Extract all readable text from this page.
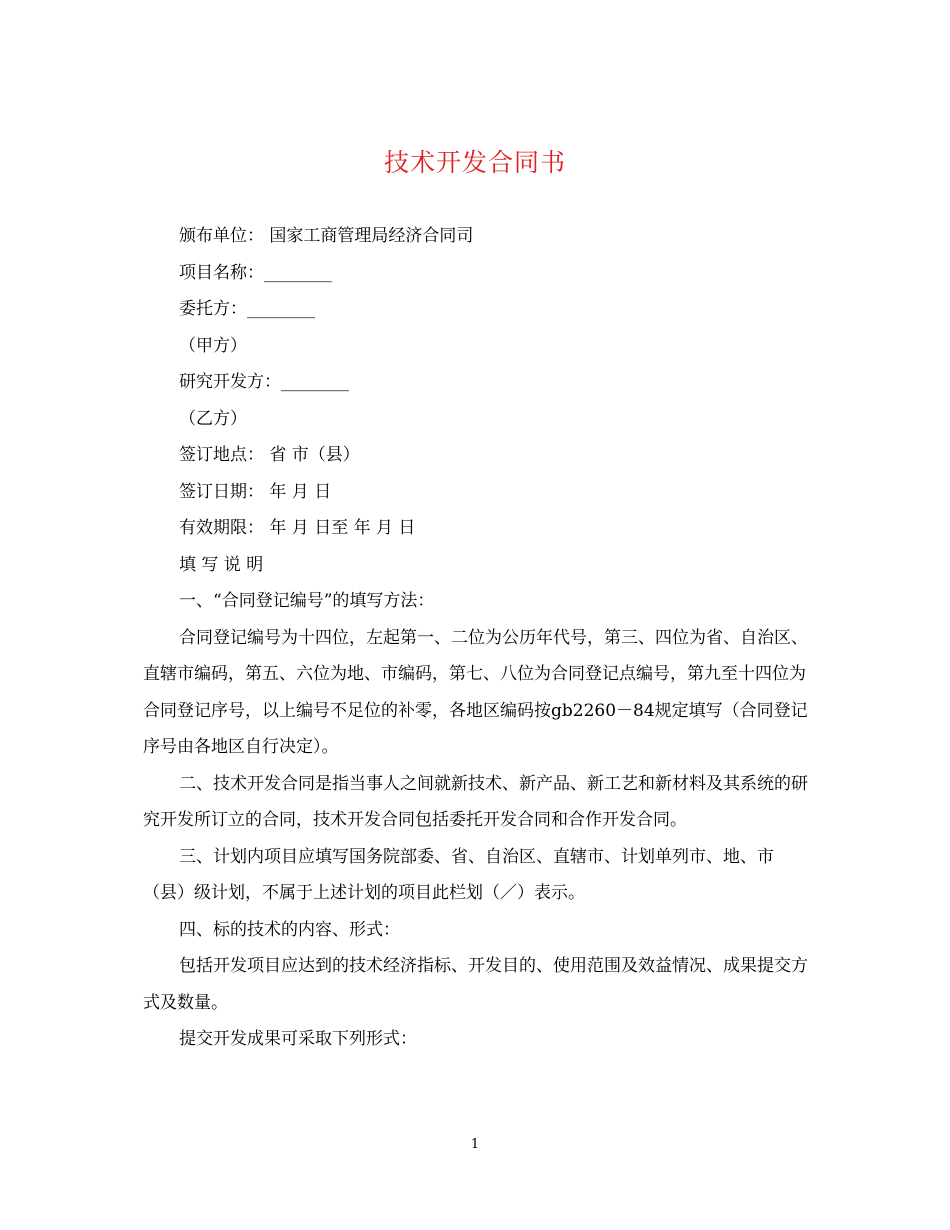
技术开发合同书

颁布单位： 国家工商管理局经济合同司

项目名称：________

委托方：________

（甲方）

研究开发方：________

（乙方）

签订地点： 省 市（县）

签订日期： 年 月 日

有效期限： 年 月 日至 年 月 日

填 写 说 明

一、“合同登记编号”的填写方法：

合同登记编号为十四位，左起第一、二位为公历年代号，第三、四位为省、自治区、直辖市编码，第五、六位为地、市编码，第七、八位为合同登记点编号，第九至十四位为合同登记序号，以上编号不足位的补零，各地区编码按gb2260－84规定填写（合同登记序号由各地区自行决定）。

二、技术开发合同是指当事人之间就新技术、新产品、新工艺和新材料及其系统的研究开发所订立的合同，技术开发合同包括委托开发合同和合作开发合同。

三、计划内项目应填写国务院部委、省、自治区、直辖市、计划单列市、地、市（县）级计划，不属于上述计划的项目此栏划（／）表示。

四、标的技术的内容、形式：

包括开发项目应达到的技术经济指标、开发目的、使用范围及效益情况、成果提交方式及数量。

提交开发成果可采取下列形式：

1
